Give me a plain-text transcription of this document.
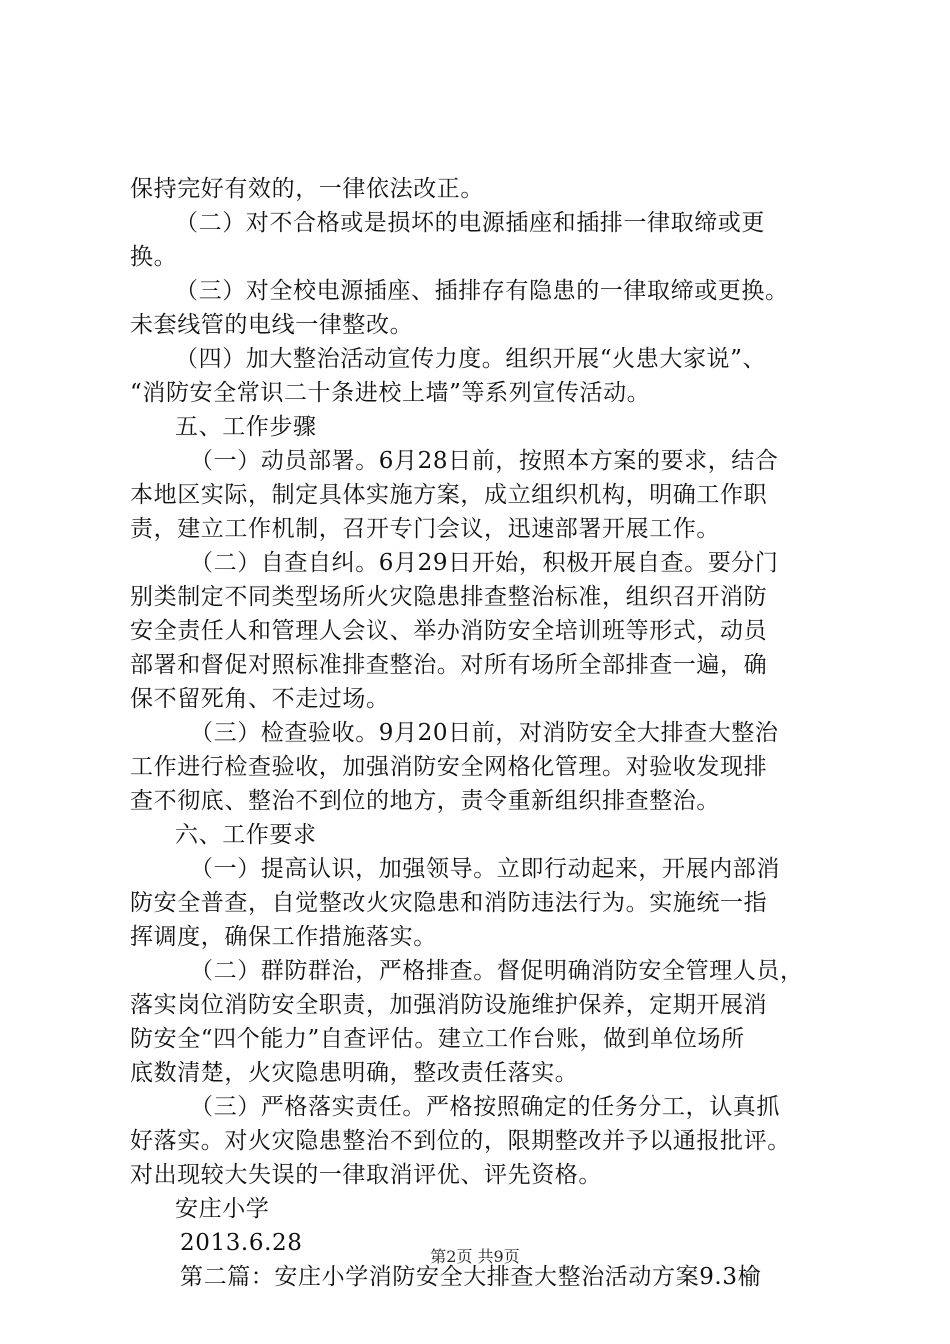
保持完好有效的，一律依法改正。
（二）对不合格或是损坏的电源插座和插排一律取缔或更
换。
（三）对全校电源插座、插排存有隐患的一律取缔或更换。
未套线管的电线一律整改。
（四）加大整治活动宣传力度。组织开展“火患大家说”、
“消防安全常识二十条进校上墙”等系列宣传活动。
五、工作步骤
（一）动员部署。6月28日前，按照本方案的要求，结合
本地区实际，制定具体实施方案，成立组织机构，明确工作职
责，建立工作机制，召开专门会议，迅速部署开展工作。
（二）自查自纠。6月29日开始，积极开展自查。要分门
别类制定不同类型场所火灾隐患排查整治标准，组织召开消防
安全责任人和管理人会议、举办消防安全培训班等形式，动员
部署和督促对照标准排查整治。对所有场所全部排查一遍，确
保不留死角、不走过场。
（三）检查验收。9月20日前，对消防安全大排查大整治
工作进行检查验收，加强消防安全网格化管理。对验收发现排
查不彻底、整治不到位的地方，责令重新组织排查整治。
六、工作要求
（一）提高认识，加强领导。立即行动起来，开展内部消
防安全普查，自觉整改火灾隐患和消防违法行为。实施统一指
挥调度，确保工作措施落实。
（二）群防群治，严格排查。督促明确消防安全管理人员，
落实岗位消防安全职责，加强消防设施维护保养，定期开展消
防安全“四个能力”自查评估。建立工作台账，做到单位场所
底数清楚，火灾隐患明确，整改责任落实。
（三）严格落实责任。严格按照确定的任务分工，认真抓
好落实。对火灾隐患整治不到位的，限期整改并予以通报批评。
对出现较大失误的一律取消评优、评先资格。
安庄小学
2013.6.28
第二篇：安庄小学消防安全大排查大整治活动方案9.3榆
第2页 共9页
